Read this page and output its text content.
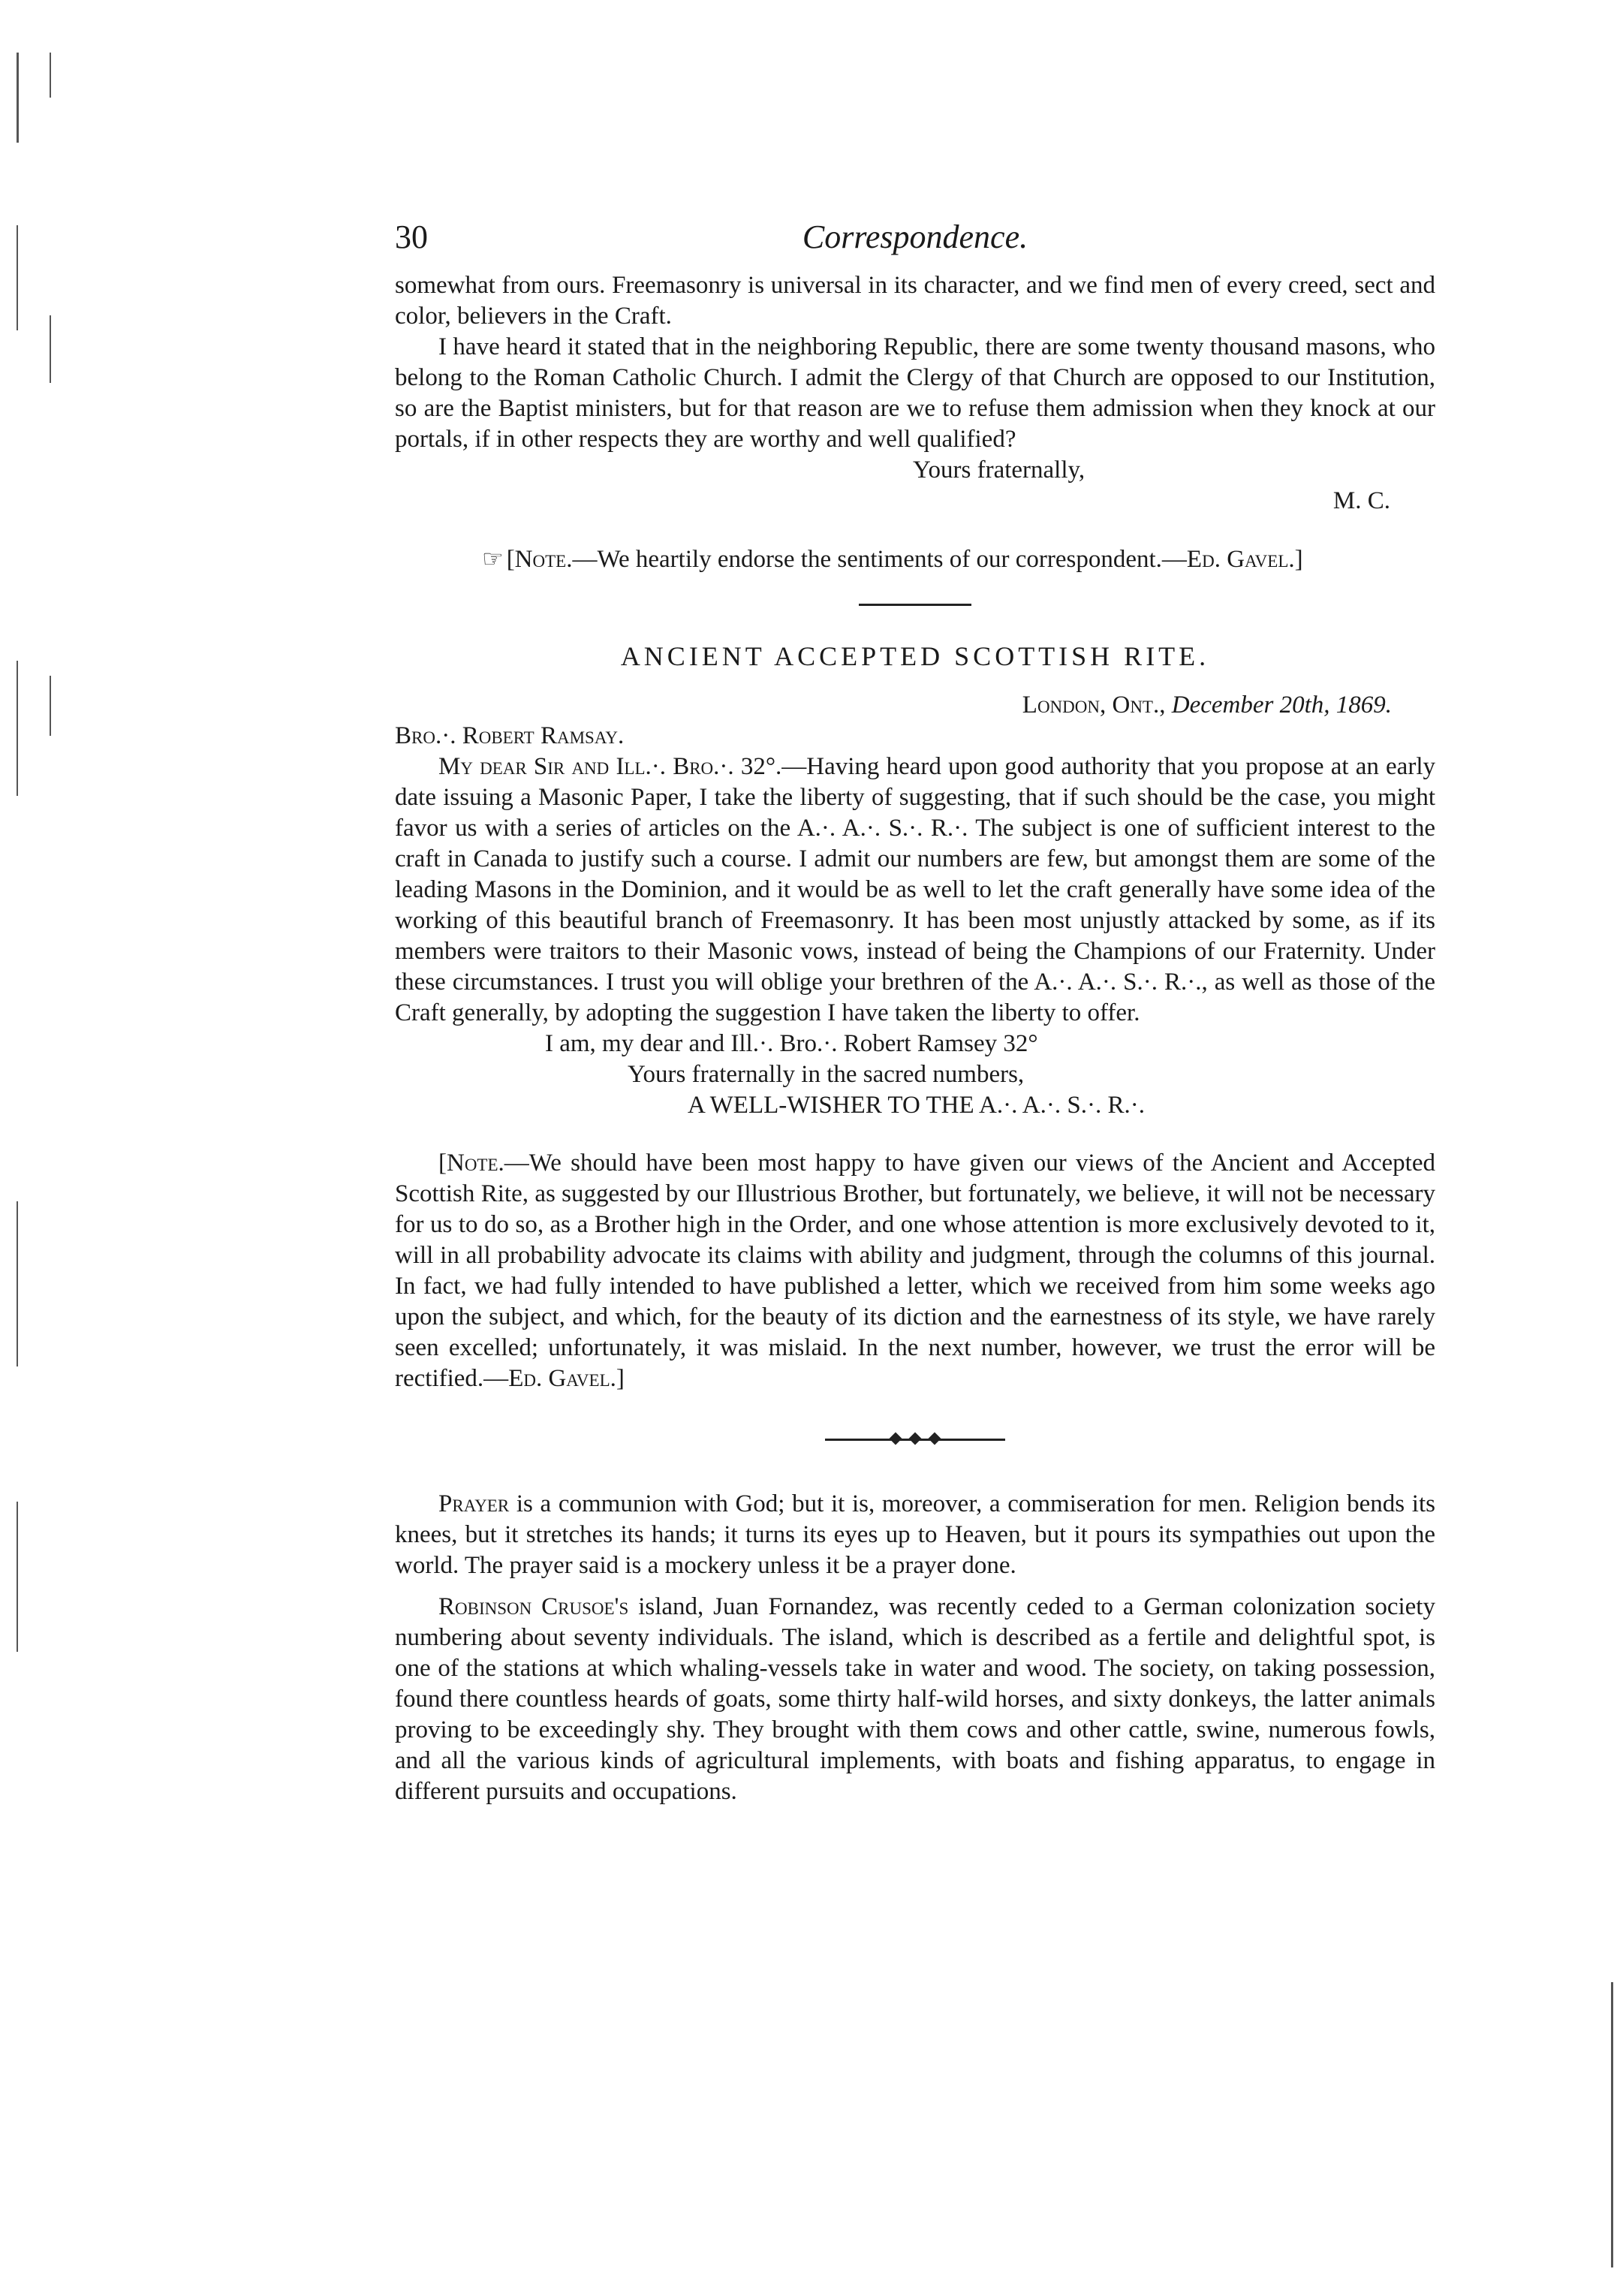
30	Correspondence.

somewhat from ours. Freemasonry is universal in its character, and we find men of every creed, sect and color, believers in the Craft.

I have heard it stated that in the neighboring Republic, there are some twenty thousand masons, who belong to the Roman Catholic Church. I admit the Clergy of that Church are opposed to our Institution, so are the Baptist ministers, but for that reason are we to refuse them admission when they knock at our portals, if in other respects they are worthy and well qualified?

Yours fraternally,

M. C.

☞ [Note.—We heartily endorse the sentiments of our correspondent.—Ed. Gavel.]

ANCIENT ACCEPTED SCOTTISH RITE.

London, Ont., December 20th, 1869.

Bro.·. Robert Ramsay.

My dear Sir and Ill.·. Bro.·. 32°.—Having heard upon good authority that you propose at an early date issuing a Masonic Paper, I take the liberty of suggesting, that if such should be the case, you might favor us with a series of articles on the A.·. A.·. S.·. R.·. The subject is one of sufficient interest to the craft in Canada to justify such a course. I admit our numbers are few, but amongst them are some of the leading Masons in the Dominion, and it would be as well to let the craft generally have some idea of the working of this beautiful branch of Freemasonry. It has been most unjustly attacked by some, as if its members were traitors to their Masonic vows, instead of being the Champions of our Fraternity. Under these circumstances. I trust you will oblige your brethren of the A.·. A.·. S.·. R.·., as well as those of the Craft generally, by adopting the suggestion I have taken the liberty to offer.

I am, my dear and Ill.·. Bro.·. Robert Ramsey 32°

Yours fraternally in the sacred numbers,

A WELL-WISHER TO THE A.·. A.·. S.·. R.·.

[Note.—We should have been most happy to have given our views of the Ancient and Accepted Scottish Rite, as suggested by our Illustrious Brother, but fortunately, we believe, it will not be necessary for us to do so, as a Brother high in the Order, and one whose attention is more exclusively devoted to it, will in all probability advocate its claims with ability and judgment, through the columns of this journal. In fact, we had fully intended to have published a letter, which we received from him some weeks ago upon the subject, and which, for the beauty of its diction and the earnestness of its style, we have rarely seen excelled; unfortunately, it was mislaid. In the next number, however, we trust the error will be rectified.—Ed. Gavel.]

Prayer is a communion with God; but it is, moreover, a commiseration for men. Religion bends its knees, but it stretches its hands; it turns its eyes up to Heaven, but it pours its sympathies out upon the world. The prayer said is a mockery unless it be a prayer done.

Robinson Crusoe's island, Juan Fornandez, was recently ceded to a German colonization society numbering about seventy individuals. The island, which is described as a fertile and delightful spot, is one of the stations at which whaling-vessels take in water and wood. The society, on taking possession, found there countless heards of goats, some thirty half-wild horses, and sixty donkeys, the latter animals proving to be exceedingly shy. They brought with them cows and other cattle, swine, numerous fowls, and all the various kinds of agricultural implements, with boats and fishing apparatus, to engage in different pursuits and occupations.
